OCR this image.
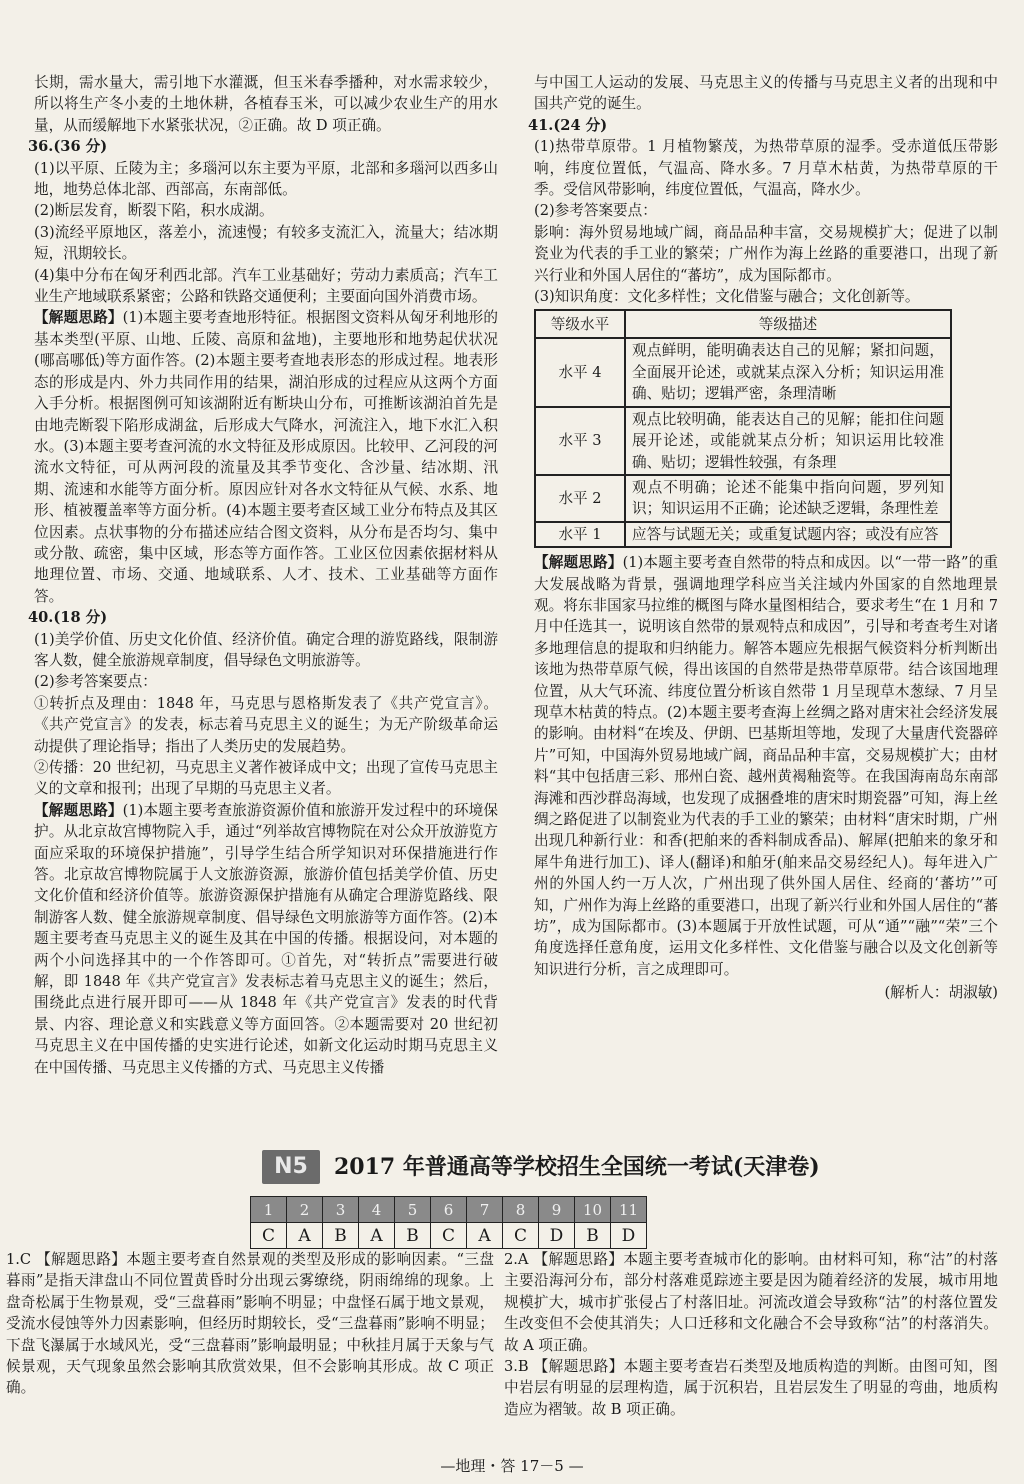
长期，需水量大，需引地下水灌溉，但玉米春季播种，对水需求较少，所以将生产冬小麦的土地休耕，各植春玉米，可以减少农业生产的用水量，从而缓解地下水紧张状况，②正确。故 D 项正确。

36.(36 分)

(1)以平原、丘陵为主；多瑙河以东主要为平原，北部和多瑙河以西多山地，地势总体北部、西部高，东南部低。

(2)断层发育，断裂下陷，积水成湖。

(3)流经平原地区，落差小，流速慢；有较多支流汇入，流量大；结冰期短，汛期较长。

(4)集中分布在匈牙利西北部。汽车工业基础好；劳动力素质高；汽车工业生产地域联系紧密；公路和铁路交通便利；主要面向国外消费市场。

【解题思路】(1)本题主要考查地形特征。根据图文资料从匈牙利地形的基本类型(平原、山地、丘陵、高原和盆地)，主要地形和地势起伏状况(哪高哪低)等方面作答。(2)本题主要考查地表形态的形成过程。地表形态的形成是内、外力共同作用的结果，湖泊形成的过程应从这两个方面入手分析。根据图例可知该湖附近有断块山分布，可推断该湖泊首先是由地壳断裂下陷形成湖盆，后形成大气降水，河流注入，地下水汇入积水。(3)本题主要考查河流的水文特征及形成原因。比较甲、乙河段的河流水文特征，可从两河段的流量及其季节变化、含沙量、结冰期、汛期、流速和水能等方面分析。原因应针对各水文特征从气候、水系、地形、植被覆盖率等方面分析。(4)本题主要考查区域工业分布特点及其区位因素。点状事物的分布描述应结合图文资料，从分布是否均匀、集中或分散、疏密，集中区域，形态等方面作答。工业区位因素依据材料从地理位置、市场、交通、地域联系、人才、技术、工业基础等方面作答。

40.(18 分)

(1)美学价值、历史文化价值、经济价值。确定合理的游览路线，限制游客人数，健全旅游规章制度，倡导绿色文明旅游等。

(2)参考答案要点：

①转折点及理由：1848 年，马克思与恩格斯发表了《共产党宣言》。《共产党宣言》的发表，标志着马克思主义的诞生；为无产阶级革命运动提供了理论指导；指出了人类历史的发展趋势。

②传播：20 世纪初，马克思主义著作被译成中文；出现了宣传马克思主义的文章和报刊；出现了早期的马克思主义者。

【解题思路】(1)本题主要考查旅游资源价值和旅游开发过程中的环境保护。从北京故宫博物院入手，通过“列举故宫博物院在对公众开放游览方面应采取的环境保护措施”，引导学生结合所学知识对环保措施进行作答。北京故宫博物院属于人文旅游资源，旅游价值包括美学价值、历史文化价值和经济价值等。旅游资源保护措施有从确定合理游览路线、限制游客人数、健全旅游规章制度、倡导绿色文明旅游等方面作答。(2)本题主要考查马克思主义的诞生及其在中国的传播。根据设问，对本题的两个小问选择其中的一个作答即可。①首先，对“转折点”需要进行破解，即 1848 年《共产党宣言》发表标志着马克思主义的诞生；然后，围绕此点进行展开即可——从 1848 年《共产党宣言》发表的时代背景、内容、理论意义和实践意义等方面回答。②本题需要对 20 世纪初马克思主义在中国传播的史实进行论述，如新文化运动时期马克思主义在中国传播、马克思主义传播的方式、马克思主义传播

与中国工人运动的发展、马克思主义的传播与马克思主义者的出现和中国共产党的诞生。

41.(24 分)

(1)热带草原带。1 月植物繁茂，为热带草原的湿季。受赤道低压带影响，纬度位置低，气温高、降水多。7 月草木枯黄，为热带草原的干季。受信风带影响，纬度位置低，气温高，降水少。

(2)参考答案要点：

影响：海外贸易地域广阔，商品品种丰富，交易规模扩大；促进了以制瓷业为代表的手工业的繁荣；广州作为海上丝路的重要港口，出现了新兴行业和外国人居住的“蕃坊”，成为国际都市。

(3)知识角度：文化多样性；文化借鉴与融合；文化创新等。

等级水平	等级描述
水平 4	观点鲜明，能明确表达自己的见解；紧扣问题，全面展开论述，或就某点深入分析；知识运用准确、贴切；逻辑严密，条理清晰
水平 3	观点比较明确，能表达自己的见解；能扣住问题展开论述，或能就某点分析；知识运用比较准确、贴切；逻辑性较强，有条理
水平 2	观点不明确；论述不能集中指向问题，罗列知识；知识运用不正确；论述缺乏逻辑，条理性差
水平 1	应答与试题无关；或重复试题内容；或没有应答

【解题思路】(1)本题主要考查自然带的特点和成因。以“一带一路”的重大发展战略为背景，强调地理学科应当关注域内外国家的自然地理景观。将东非国家马拉维的概图与降水量图相结合，要求考生“在 1 月和 7 月中任选其一，说明该自然带的景观特点和成因”，引导和考查考生对诸多地理信息的提取和归纳能力。解答本题应先根据气候资料分析判断出该地为热带草原气候，得出该国的自然带是热带草原带。结合该国地理位置，从大气环流、纬度位置分析该自然带 1 月呈现草木葱绿、7 月呈现草木枯黄的特点。(2)本题主要考查海上丝绸之路对唐宋社会经济发展的影响。由材料“在埃及、伊朗、巴基斯坦等地，发现了大量唐代瓷器碎片”可知，中国海外贸易地域广阔，商品品种丰富，交易规模扩大；由材料“其中包括唐三彩、邢州白瓷、越州黄褐釉瓷等。在我国海南岛东南部海滩和西沙群岛海域，也发现了成捆叠堆的唐宋时期瓷器”可知，海上丝绸之路促进了以制瓷业为代表的手工业的繁荣；由材料“唐宋时期，广州出现几种新行业：和香(把舶来的香料制成香品)、解犀(把舶来的象牙和犀牛角进行加工)、译人(翻译)和舶牙(舶来品交易经纪人)。每年进入广州的外国人约一万人次，广州出现了供外国人居住、经商的‘蕃坊’”可知，广州作为海上丝路的重要港口，出现了新兴行业和外国人居住的“蕃坊”，成为国际都市。(3)本题属于开放性试题，可从“通”“融”“荣”三个角度选择任意角度，运用文化多样性、文化借鉴与融合以及文化创新等知识进行分析，言之成理即可。

(解析人：胡淑敏)

N5	2017 年普通高等学校招生全国统一考试(天津卷)
1	2	3	4	5	6	7	8	9	10	11
C	A	B	A	B	C	A	C	D	B	D

1.C 【解题思路】本题主要考查自然景观的类型及形成的影响因素。“三盘暮雨”是指天津盘山不同位置黄昏时分出现云雾缭绕，阴雨绵绵的现象。上盘奇松属于生物景观，受“三盘暮雨”影响不明显；中盘怪石属于地文景观，受流水侵蚀等外力因素影响，但经历时期较长，受“三盘暮雨”影响不明显；下盘飞瀑属于水域风光，受“三盘暮雨”影响最明显；中秋挂月属于天象与气候景观，天气现象虽然会影响其欣赏效果，但不会影响其形成。故 C 项正确。

2.A 【解题思路】本题主要考查城市化的影响。由材料可知，称“沽”的村落主要沿海河分布，部分村落难觅踪迹主要是因为随着经济的发展，城市用地规模扩大，城市扩张侵占了村落旧址。河流改道会导致称“沽”的村落位置发生改变但不会使其消失；人口迁移和文化融合不会导致称“沽”的村落消失。故 A 项正确。

3.B 【解题思路】本题主要考查岩石类型及地质构造的判断。由图可知，图中岩层有明显的层理构造，属于沉积岩，且岩层发生了明显的弯曲，地质构造应为褶皱。故 B 项正确。

—地理・答 17－5 —
